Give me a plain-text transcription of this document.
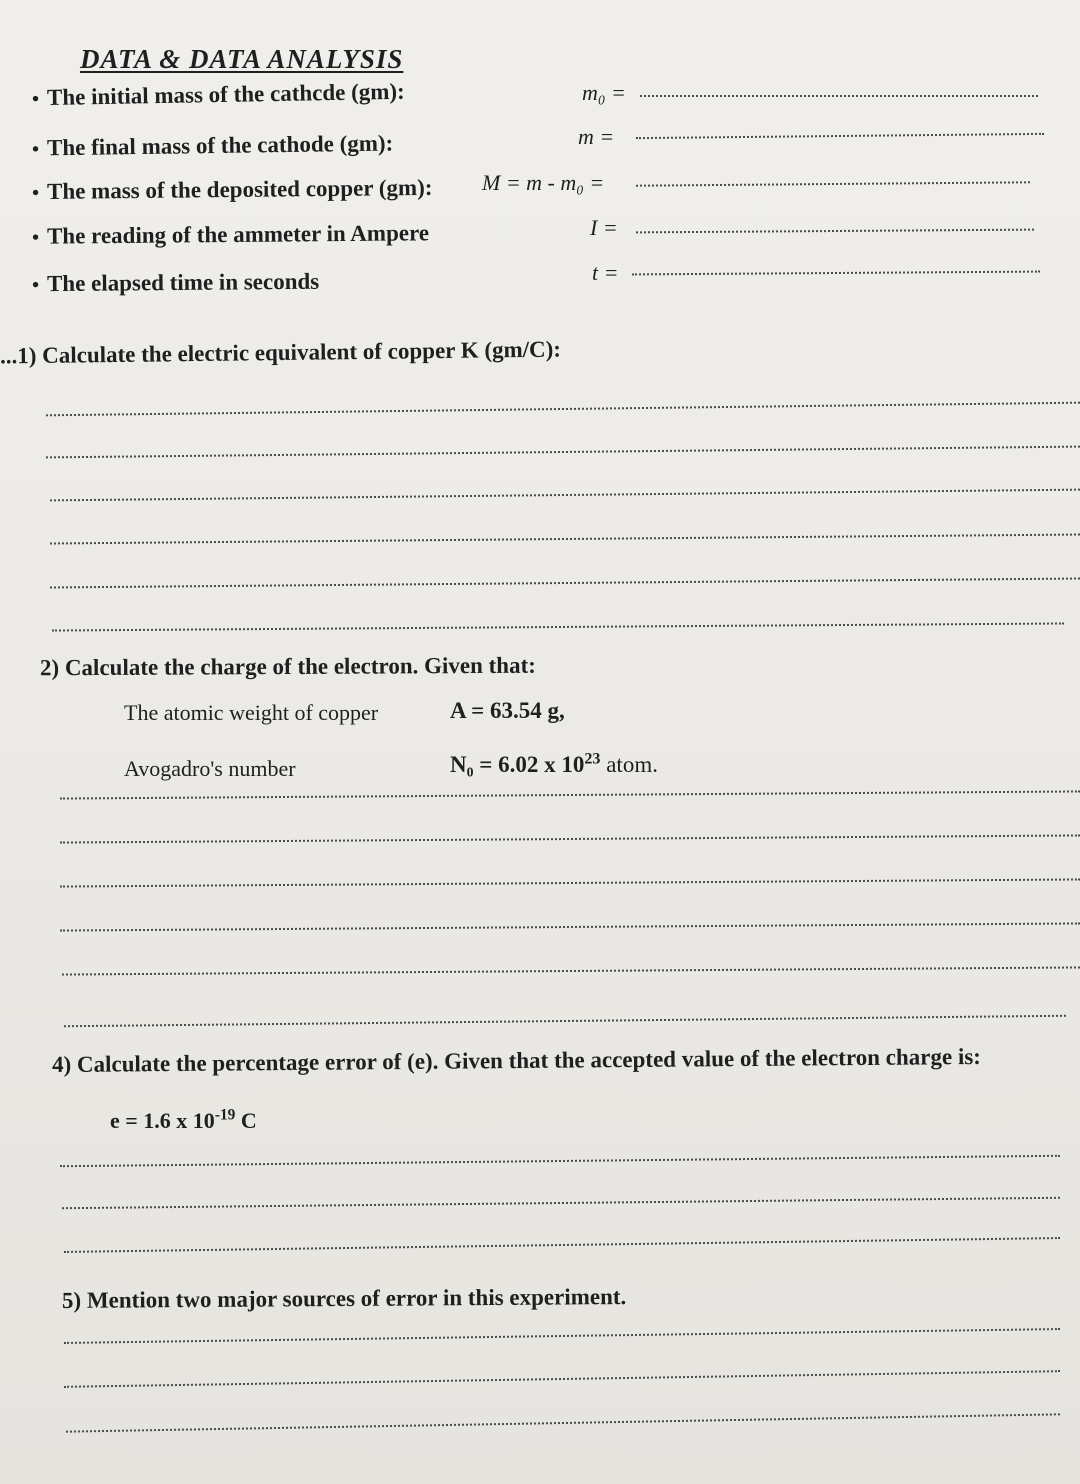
DATA & DATA ANALYSIS
• The initial mass of the cathcde (gm):	m₀ =
• The final mass of the cathode (gm):	m =
• The mass of the deposited copper (gm): M = m - m₀ =
• The reading of the ammeter in Ampere	I =
• The elapsed time in seconds	t =
...1) Calculate the electric equivalent of copper K (gm/C):
2) Calculate the charge of the electron. Given that:
The atomic weight of copper	A = 63.54 g,
Avogadro's number	N₀ = 6.02 x $10^{23}$ atom.
4) Calculate the percentage error of (e). Given that the accepted value of the electron charge is:
e = 1.6 x $10^{-19}$ C
5) Mention two major sources of error in this experiment.
